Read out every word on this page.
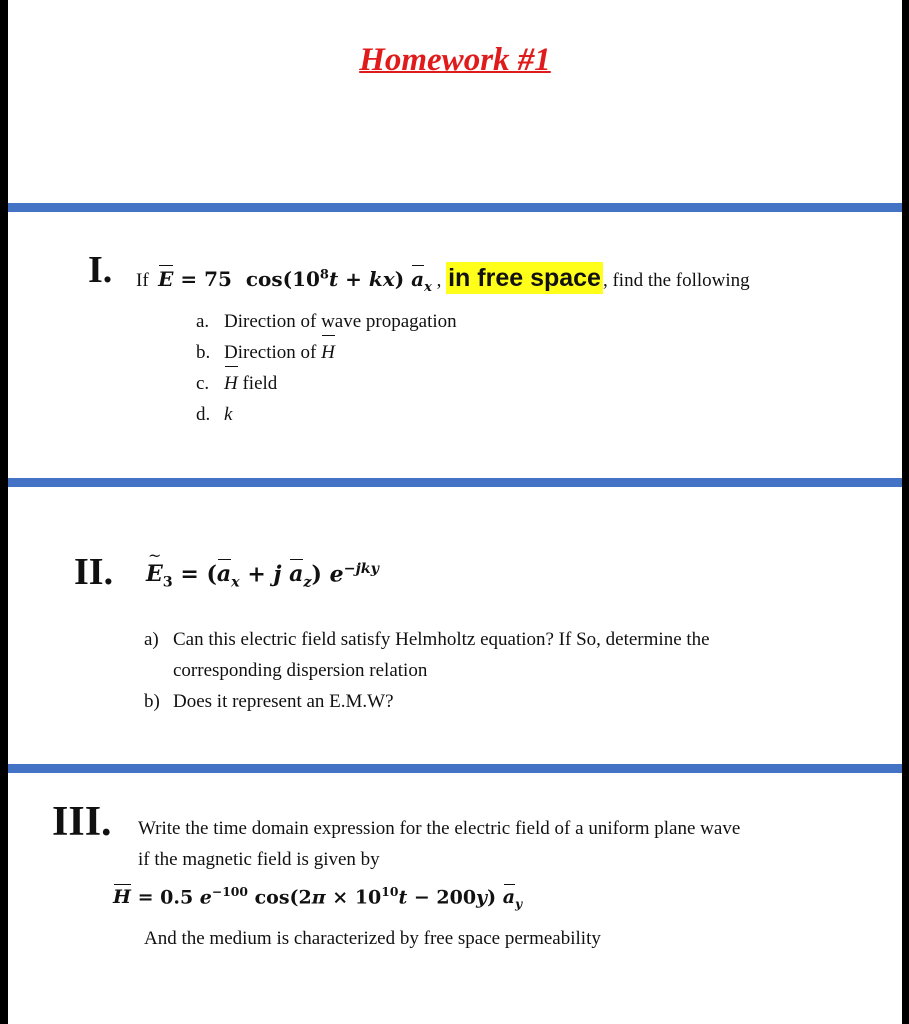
Homework #1
I. If E = 75  $\cos(10^8t + kx)$ $a_x$ , in free space , find the following
a. Direction of wave propagation
b. Direction of H
c. H field
d. k
II.
~ $E_3 = (a_x + j$ $a_z$) $e^{-jky}$
a) Can this electric field satisfy Helmholtz equation? If So, determine the corresponding dispersion relation
b) Does it represent an E.M.W?
III. Write the time domain expression for the electric field of a uniform plane wave
if the magnetic field is given by
H = 0.5 $e^{-100}$ $\cos(2\pi \times 10^{10}t - 200y)$ $a_y$
And the medium is characterized by free space permeability
